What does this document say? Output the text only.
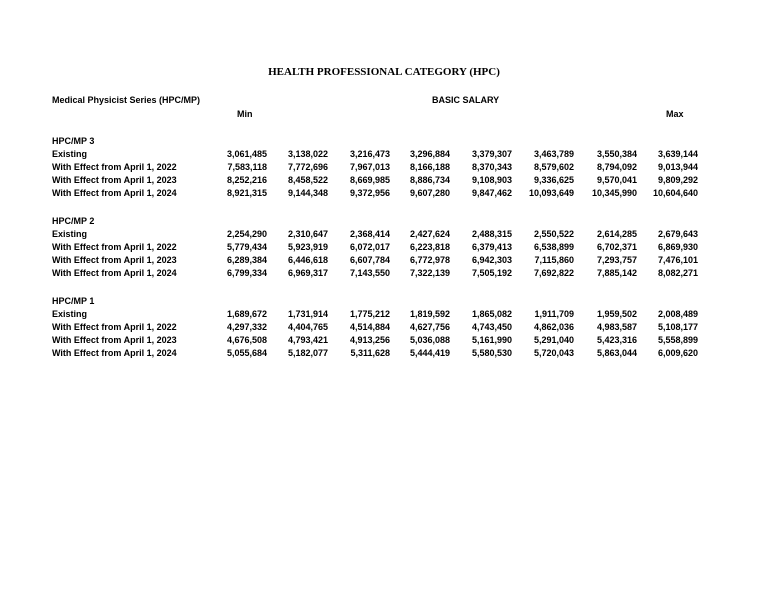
HEALTH PROFESSIONAL CATEGORY (HPC)
Medical Physicist Series (HPC/MP)	BASIC SALARY
Min	Max
HPC/MP 3
Existing	3,061,485	3,138,022	3,216,473	3,296,884	3,379,307	3,463,789	3,550,384	3,639,144
With Effect from April 1, 2022	7,583,118	7,772,696	7,967,013	8,166,188	8,370,343	8,579,602	8,794,092	9,013,944
With Effect from April 1, 2023	8,252,216	8,458,522	8,669,985	8,886,734	9,108,903	9,336,625	9,570,041	9,809,292
With Effect from April 1, 2024	8,921,315	9,144,348	9,372,956	9,607,280	9,847,462	10,093,649	10,345,990	10,604,640
HPC/MP 2
Existing	2,254,290	2,310,647	2,368,414	2,427,624	2,488,315	2,550,522	2,614,285	2,679,643
With Effect from April 1, 2022	5,779,434	5,923,919	6,072,017	6,223,818	6,379,413	6,538,899	6,702,371	6,869,930
With Effect from April 1, 2023	6,289,384	6,446,618	6,607,784	6,772,978	6,942,303	7,115,860	7,293,757	7,476,101
With Effect from April 1, 2024	6,799,334	6,969,317	7,143,550	7,322,139	7,505,192	7,692,822	7,885,142	8,082,271
HPC/MP 1
Existing	1,689,672	1,731,914	1,775,212	1,819,592	1,865,082	1,911,709	1,959,502	2,008,489
With Effect from April 1, 2022	4,297,332	4,404,765	4,514,884	4,627,756	4,743,450	4,862,036	4,983,587	5,108,177
With Effect from April 1, 2023	4,676,508	4,793,421	4,913,256	5,036,088	5,161,990	5,291,040	5,423,316	5,558,899
With Effect from April 1, 2024	5,055,684	5,182,077	5,311,628	5,444,419	5,580,530	5,720,043	5,863,044	6,009,620
